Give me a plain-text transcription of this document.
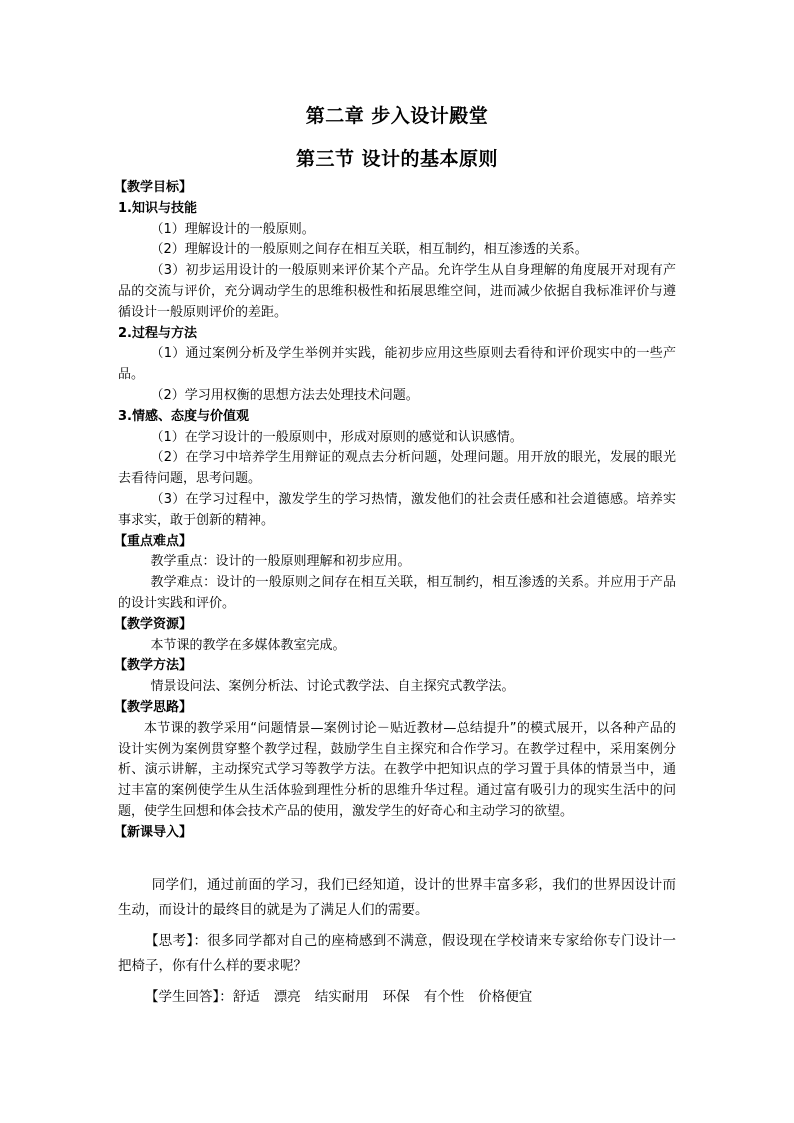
第二章 步入设计殿堂
第三节 设计的基本原则

【教学目标】

1.知识与技能

（1）理解设计的一般原则。

（2）理解设计的一般原则之间存在相互关联，相互制约，相互渗透的关系。

（3）初步运用设计的一般原则来评价某个产品。允许学生从自身理解的角度展开对现有产品的交流与评价，充分调动学生的思维积极性和拓展思维空间，进而减少依据自我标准评价与遵循设计一般原则评价的差距。

2.过程与方法

（1）通过案例分析及学生举例并实践，能初步应用这些原则去看待和评价现实中的一些产品。

（2）学习用权衡的思想方法去处理技术问题。

3.情感、态度与价值观

（1）在学习设计的一般原则中，形成对原则的感觉和认识感情。

（2）在学习中培养学生用辩证的观点去分析问题，处理问题。用开放的眼光，发展的眼光去看待问题，思考问题。

（3）在学习过程中，激发学生的学习热情，激发他们的社会责任感和社会道德感。培养实事求实，敢于创新的精神。

【重点难点】

教学重点：设计的一般原则理解和初步应用。

教学难点：设计的一般原则之间存在相互关联，相互制约，相互渗透的关系。并应用于产品的设计实践和评价。

【教学资源】

本节课的教学在多媒体教室完成。

【教学方法】

情景设问法、案例分析法、讨论式教学法、自主探究式教学法。

【教学思路】

本节课的教学采用“问题情景—案例讨论－贴近教材—总结提升”的模式展开，以各种产品的设计实例为案例贯穿整个教学过程，鼓励学生自主探究和合作学习。在教学过程中，采用案例分析、演示讲解，主动探究式学习等教学方法。在教学中把知识点的学习置于具体的情景当中，通过丰富的案例使学生从生活体验到理性分析的思维升华过程。通过富有吸引力的现实生活中的问题，使学生回想和体会技术产品的使用，激发学生的好奇心和主动学习的欲望。

【新课导入】

同学们，通过前面的学习，我们已经知道，设计的世界丰富多彩，我们的世界因设计而生动，而设计的最终目的就是为了满足人们的需要。

【思考】：很多同学都对自己的座椅感到不满意，假设现在学校请来专家给你专门设计一把椅子，你有什么样的要求呢？

【学生回答】：舒适 漂亮 结实耐用 环保 有个性 价格便宜
